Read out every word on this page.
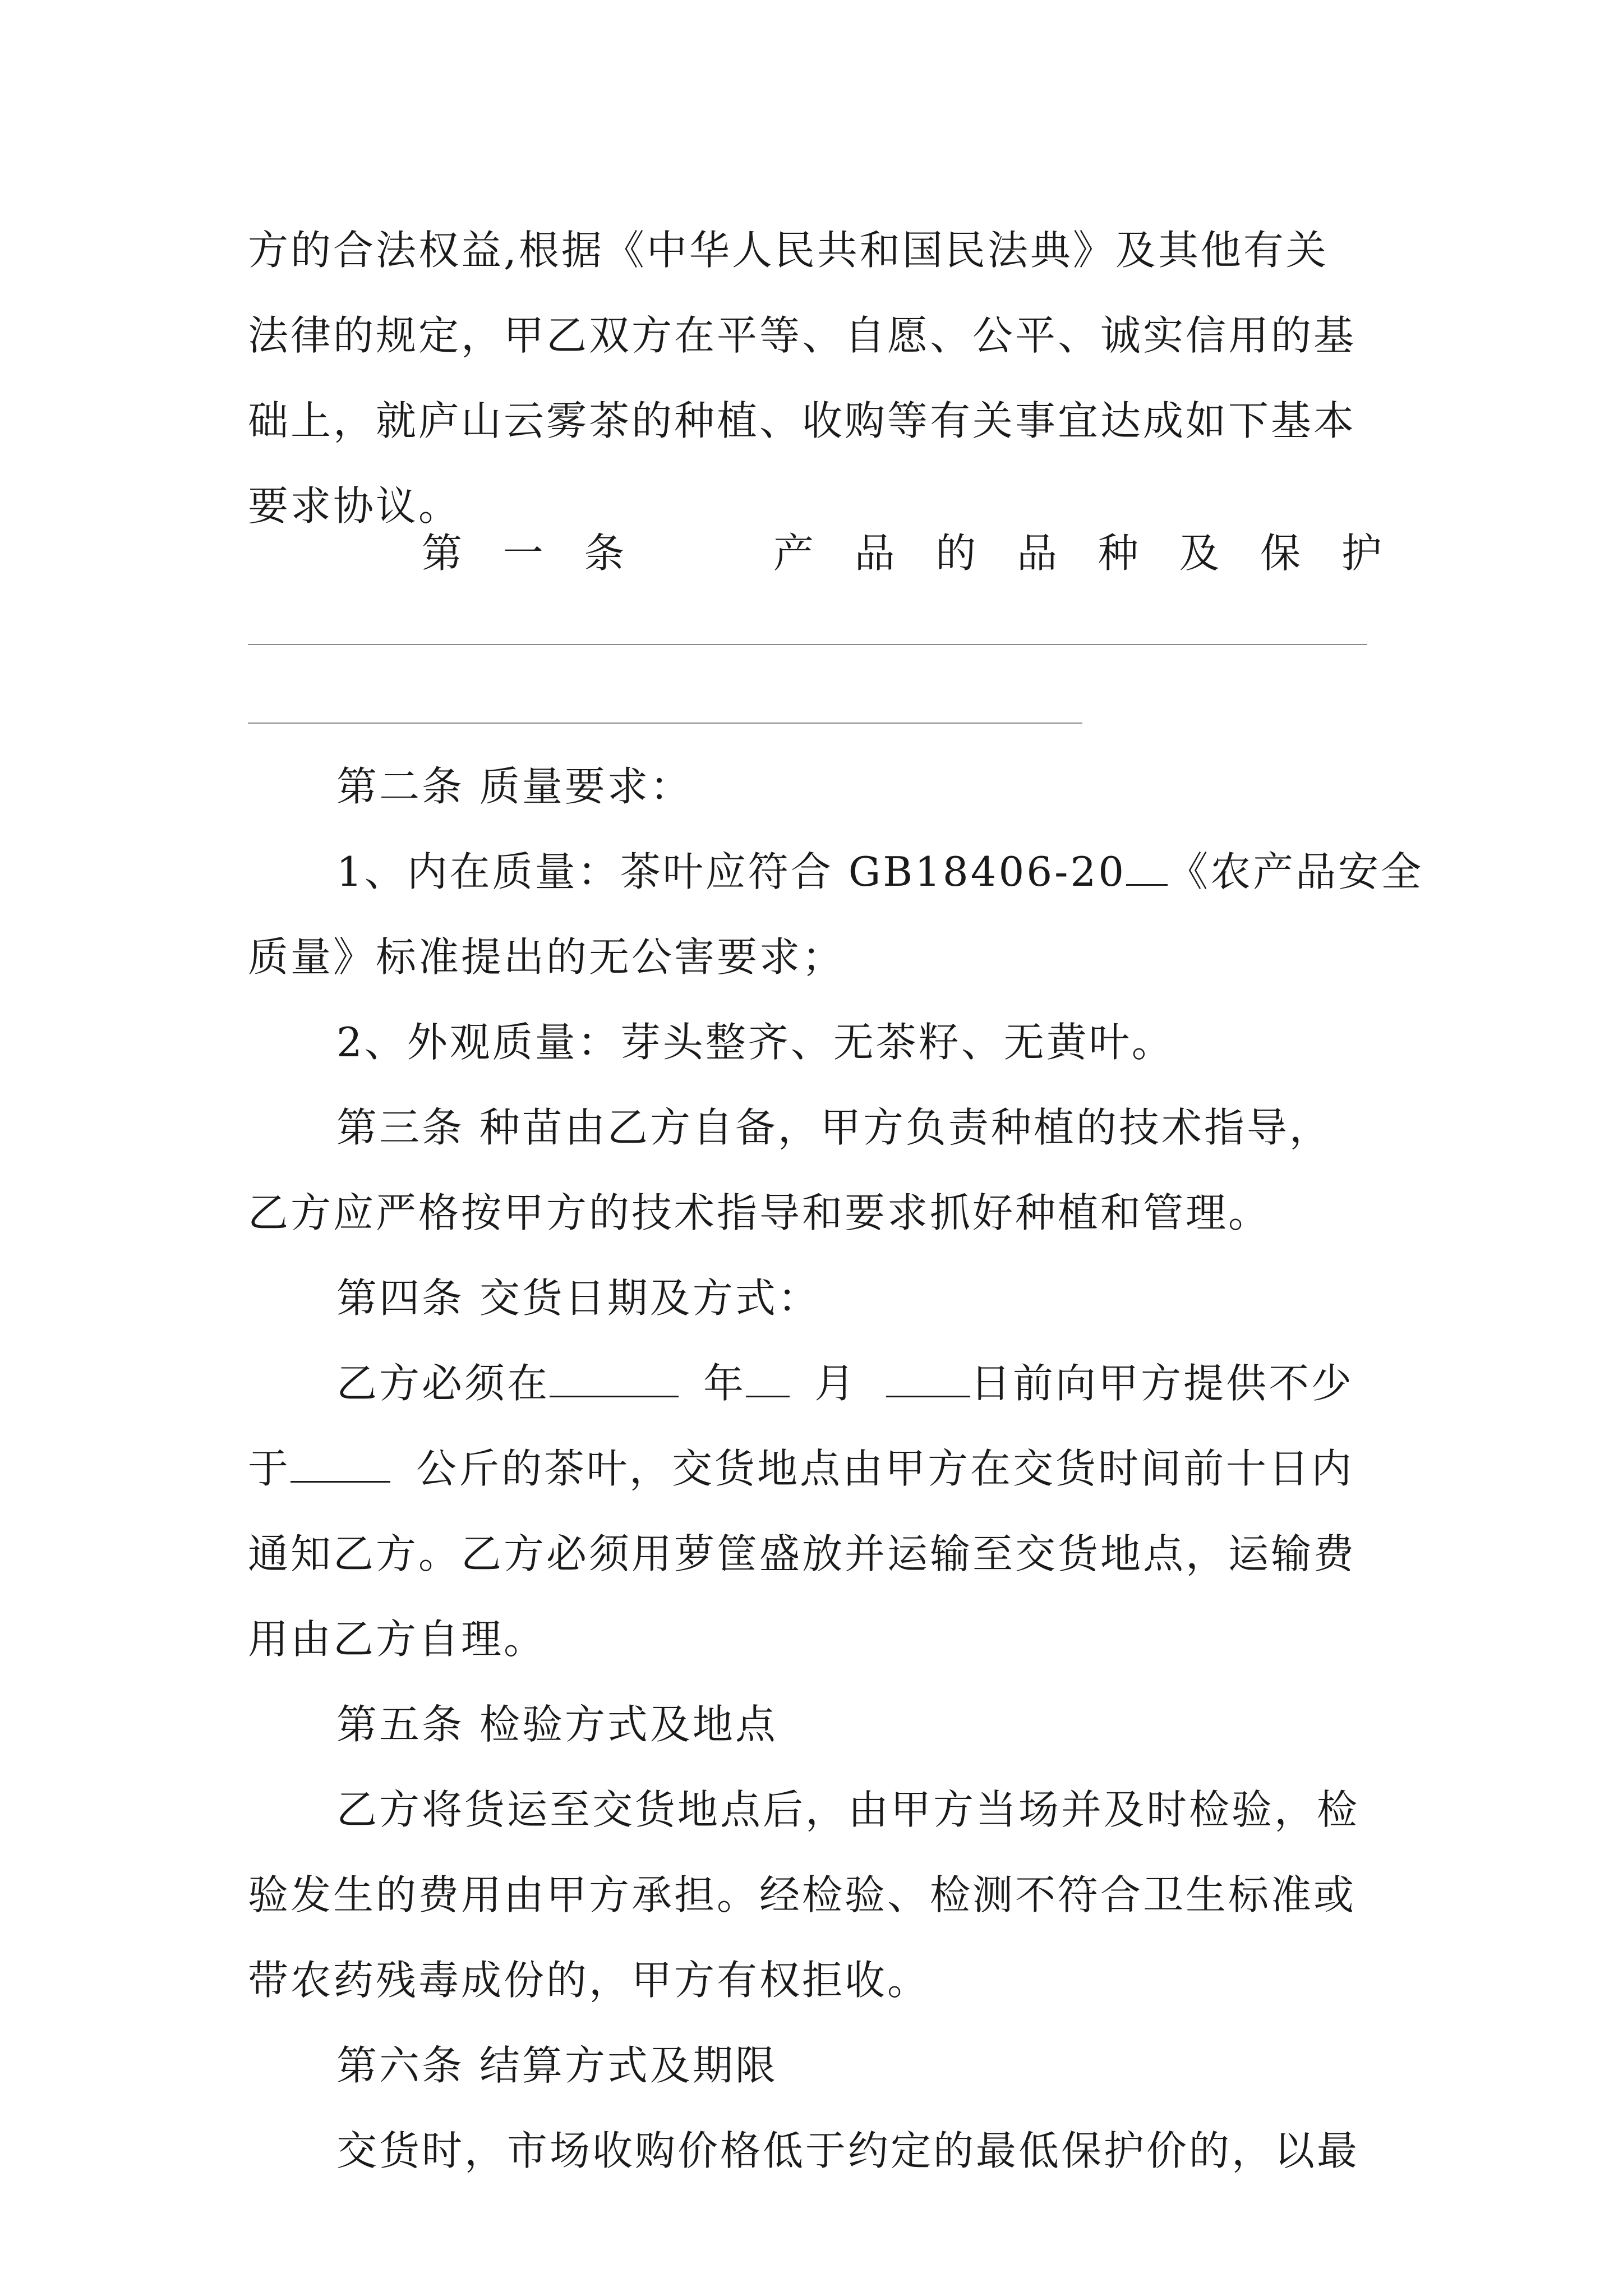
方的合法权益,根据《中华人民共和国民法典》及其他有关
法律的规定，甲乙双方在平等、自愿、公平、诚实信用的基
础上，就庐山云雾茶的种植、收购等有关事宜达成如下基本
要求协议。
第 一 条	产 品 的 品 种 及 保 护
第二条 质量要求：
1、内在质量：茶叶应符合 GB18406-20 《农产品安全
质量》标准提出的无公害要求；
2、外观质量：芽头整齐、无茶籽、无黄叶。
第三条 种苗由乙方自备，甲方负责种植的技术指导，
乙方应严格按甲方的技术指导和要求抓好种植和管理。
第四条 交货日期及方式：
乙方必须在	年 月	日前向甲方提供不少
于	公斤的茶叶，交货地点由甲方在交货时间前十日内
通知乙方。乙方必须用萝筐盛放并运输至交货地点，运输费
用由乙方自理。
第五条 检验方式及地点
乙方将货运至交货地点后，由甲方当场并及时检验，检
验发生的费用由甲方承担。经检验、检测不符合卫生标准或
带农药残毒成份的，甲方有权拒收。
第六条 结算方式及期限
交货时，市场收购价格低于约定的最低保护价的，以最
